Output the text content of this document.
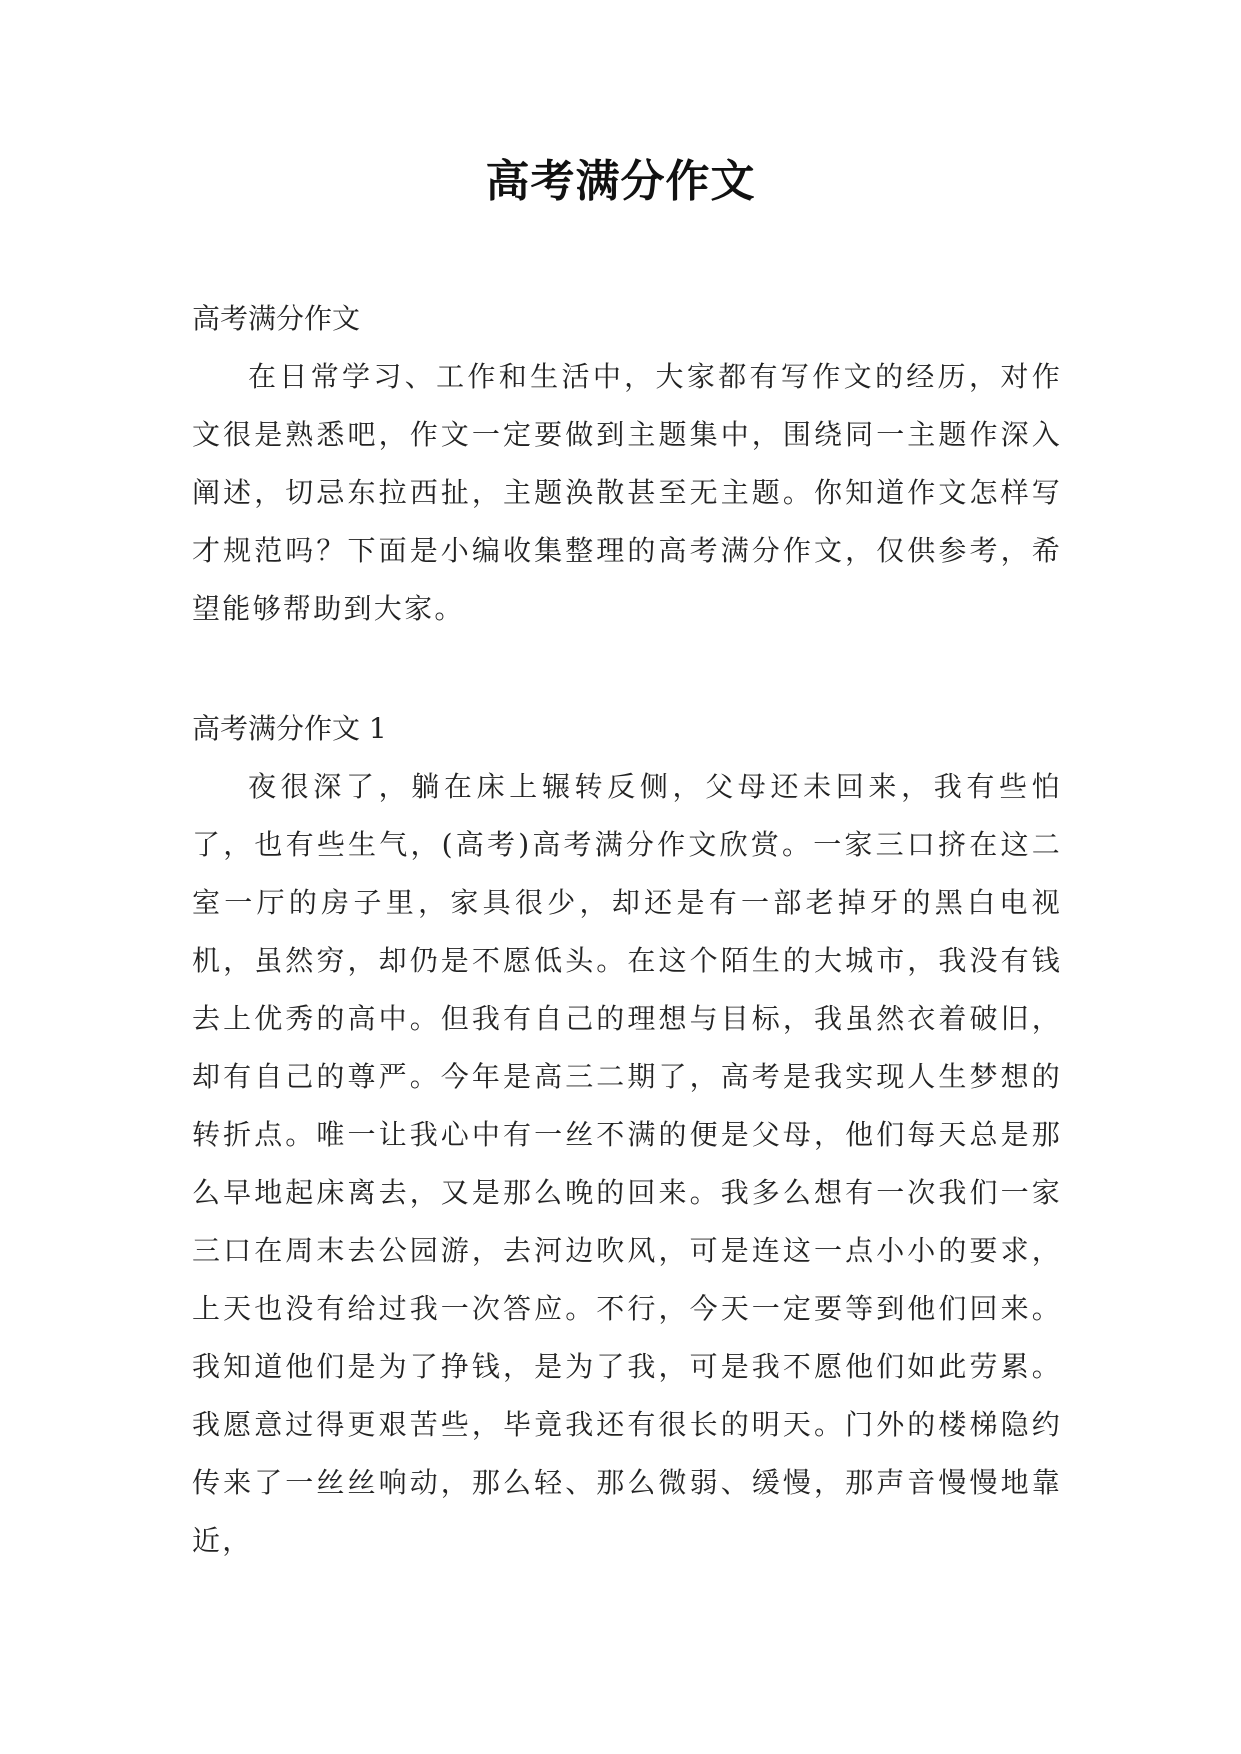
高考满分作文
高考满分作文

在日常学习、工作和生活中，大家都有写作文的经历，对作文很是熟悉吧，作文一定要做到主题集中，围绕同一主题作深入阐述，切忌东拉西扯，主题涣散甚至无主题。你知道作文怎样写才规范吗？下面是小编收集整理的高考满分作文，仅供参考，希望能够帮助到大家。

高考满分作文 1

夜很深了，躺在床上辗转反侧，父母还未回来，我有些怕了，也有些生气，(高考)高考满分作文欣赏。一家三口挤在这二室一厅的房子里，家具很少，却还是有一部老掉牙的黑白电视机，虽然穷，却仍是不愿低头。在这个陌生的大城市，我没有钱去上优秀的高中。但我有自己的理想与目标，我虽然衣着破旧，却有自己的尊严。今年是高三二期了，高考是我实现人生梦想的转折点。唯一让我心中有一丝不满的便是父母，他们每天总是那么早地起床离去，又是那么晚的回来。我多么想有一次我们一家三口在周末去公园游，去河边吹风，可是连这一点小小的要求，上天也没有给过我一次答应。不行，今天一定要等到他们回来。我知道他们是为了挣钱，是为了我，可是我不愿他们如此劳累。我愿意过得更艰苦些，毕竟我还有很长的明天。门外的楼梯隐约传来了一丝丝响动，那么轻、那么微弱、缓慢，那声音慢慢地靠近，
